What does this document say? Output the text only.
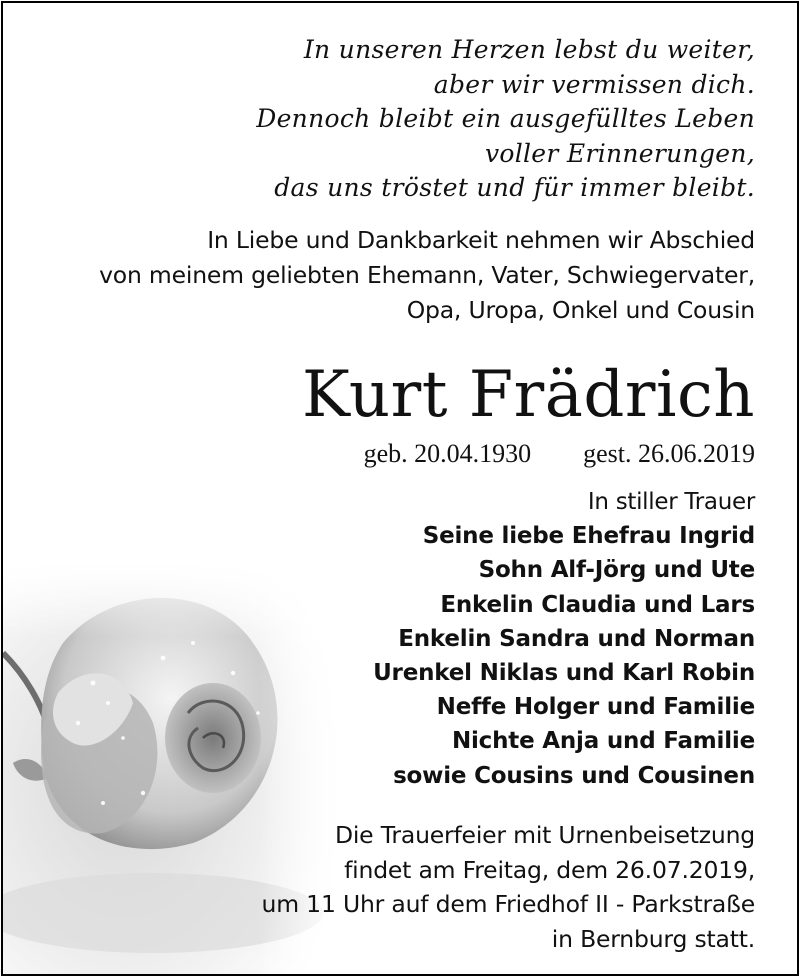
In unseren Herzen lebst du weiter,
aber wir vermissen dich.
Dennoch bleibt ein ausgefülltes Leben
voller Erinnerungen,
das uns tröstet und für immer bleibt.
In Liebe und Dankbarkeit nehmen wir Abschied
von meinem geliebten Ehemann, Vater, Schwiegervater,
Opa, Uropa, Onkel und Cousin
Kurt Frädrich
geb. 20.04.1930 gest. 26.06.2019
In stiller Trauer
Seine liebe Ehefrau Ingrid
Sohn Alf-Jörg und Ute
Enkelin Claudia und Lars
Enkelin Sandra und Norman
Urenkel Niklas und Karl Robin
Neffe Holger und Familie
Nichte Anja und Familie
sowie Cousins und Cousinen
Die Trauerfeier mit Urnenbeisetzung
findet am Freitag, dem 26.07.2019,
um 11 Uhr auf dem Friedhof II - Parkstraße
in Bernburg statt.
